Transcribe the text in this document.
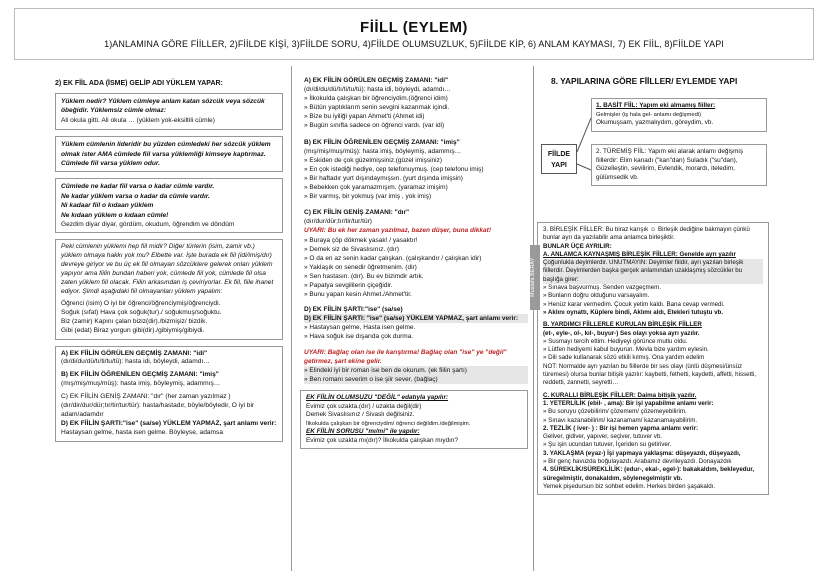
FİİLL (EYLEM)
1)ANLAMINA GÖRE FİİLLER, 2)FİİLDE KİŞİ, 3)FİİLDE SORU, 4)FİİLDE OLUMSUZLUK, 5)FİİLDE KİP, 6) ANLAM KAYMASI, 7) EK FİİL, 8)FİİLDE YAPI
Mustafa BERAY

2) EK FİİL ADA (İSME) GELİP ADI YÜKLEM YAPAR:

Yüklem nedir? Yüklem cümleye anlam katan sözcük veya sözcük öbeğidir. Yüklemsiz cümle olmaz:

Ali okula gitti. Ali okula … (yüklem yok-eksiltili cümle)

Yüklem cümlenin lideridir bu yüzden cümledeki her sözcük yüklem olmak ister AMA cümlede fiil varsa yüklemliği kimseye kaptırmaz. Cümlede fiil varsa yüklem odur.

Cümlede ne kadar fiil varsa o kadar cümle vardır.

Ne kadar yüklem varsa o kadar da cümle vardır.

Ni kadaar fiil o kıdaan yüklem

Ne kıdaan yüklem o kıdaan cümle!

Gezdim diyar diyar, gördüm, okudum, öğrendim ve döndüm

Peki cümlenin yüklemi hep fiil midir? Diğer türlerin (isim, zamir vb.) yüklem olmaya hakkı yok mu? Elbette var. İşte burada ek fiil (idi/imiş/dır) devreye giriyor ve bu üç ek fiil olmayan sözcüklere gelerek onları yüklem yapıyor ama fiilin bundan haberi yok, cümlede fiil yok, cümlede fiil olsa zaten yüklem fiil olacak. Fiilin arkasından iş çeviriyorlar. Ek fiil, fiile ihanet ediyor. Şimdi aşağıdaki fiil olmayanları yüklem yapalım:

Öğrenci (isim) O iyi bir öğrenci/öğrenciymiş/öğrenciydi.

Soğuk (sıfat) Hava çok soğuk(tur)./ soğukmuş/soğuktu.

Biz (zamir) Kapını çalan biziz(dir)./bizmişiz/ bizdik.

Gibi (edat) Biraz yorgun gibi(dir)./gibiymiş/gibiydi.

A) EK FİİLİN GÖRÜLEN GEÇMİŞ ZAMANI: "idi"

(dı/di/du/dü/tı/ti/tu/tü): hasta idi, böyleydi, adamdı…

B) EK FİİLİN ÖĞRENİLEN GEÇMİŞ ZAMANI: "imiş"

(mış/miş/muş/müş): hasta imiş, böyleymiş, adammış…

C) EK FİİLİN GENİŞ ZAMANI: "dır" (her zaman yazılmaz ) (dır/dir/dur/dür;tır/tir/tur/tür): hasta/hastadır, böyle/böyledir, O iyi bir adam/adamdır

D) EK FİİLİN ŞARTI:"ise" (sa/se) YÜKLEM YAPMAZ, şart anlamı verir:

Hastaysan gelme, hasta isen gelme. Böyleyse, adamsa

A) EK FİİLİN GÖRÜLEN GEÇMİŞ ZAMANI: "idi"

(dı/di/du/dü/tı/ti/tu/tü): hasta idi, böyleydi, adamdı…

» İlkokulda çalışkan bir öğrenciydim.(öğrenci idim)

» Bütün yaptıklarım senin sevgini kazanmak içindi.

» Bize bu iyiliği yapan Ahmet'ti (Ahmet idi)

» Bugün sınıfta sadece on öğrenci vardı. (var idi)

B) EK FİİLİN ÖĞRENİLEN GEÇMİŞ ZAMANI: "imiş"

(mış/miş/muş/müş): hasta imiş, böyleymiş, adammış…

» Eskiden de çok güzelmişsiniz.(güzel imişsiniz)

» En çok istediği hediye, cep telefonuymuş. (cep telefonu imiş)

» Bir haftadır yurt dışındaymışsın. (yurt dışında imişsin)

» Bebekken çok yaramazmışım. (yaramaz imişim)

» Bir varmış, bir yokmuş (var imiş , yok imiş)

C) EK FİİLİN GENİŞ ZAMANI: "dır"

(dır/dur/dür;tır/tir/tur/tür)

UYARI: Bu ek her zaman yazılmaz, bazen düşer, buna dikkat!

» Buraya çöp dökmek yasak! / yasaktır!

» Demek siz de Sivaslısınız. (dır)

» O da en az senin kadar çalışkan. (çalışkandır / çalışkan idir)

» Yaklaşık on senedir öğretmenim. (dir)

» Sen hastasın. (dır). Bu ev bizimdir artık.

» Papatya sevgililerin çiçeğidir.

» Bunu yapan kesin Ahmet./Ahmet'tir.

D) EK FİİLİN ŞARTI:"ise" (sa/se)

D) EK FİİLİN ŞARTI: "ise" (sa/se) YÜKLEM YAPMAZ, şart anlamı verir:

» Hastaysan gelme, Hasta isen gelme.

» Hava soğuk ise dışarıda çok durma.

UYARI: Bağlaç olan ise ile karıştırma! Bağlaç olan "ise" ye "değil" getirmez, şart ekine gelir.

» Elindeki iyi bir roman ise ben de okurum. (ek fiilin şartı)

» Ben romanı severim o ise şiir sever. (bağlaç)

EK FİİLİN OLUMSUZU "DEĞİL" edatıyla yapılır:

Evimiz çok uzakta.(dır) / uzakta değil(dir)

Demek Sivaslısınız / Sivaslı değilsiniz.

İlkokulda çalışkan bir öğrenciydim/ öğrenci değildim./değilmişim.

EK FİİLİN SORUSU "mı/mi" ile yapılır:

Evimiz çok uzakta mı(dır)? İlkokulda çalışkan mıydın?

8. YAPILARINA GÖRE FİİLLER/ EYLEMDE YAPI

FİİLDE YAPI

1. BASİT FİİL: Yapım eki almamış fiiller:

Gelmişler (iş hala gel- anlamı değişmedi)

Okumuşsam, yazmalıydım, göreydim, vb.

2. TÜREMİŞ FİİL: Yapım eki alarak anlamı değişmiş fiillerdir: Elim kanadı ("kan"dan) Suladık ("su"dan), Güzelleştin, sevilirim, Evlendik, morardı, iteledim, gülümsedik vb.

3. BİRLEŞİK FİİLLER: Bu biraz karışık ☺ Birleşik dediğine bakmayın çünkü bunlar ayrı da yazılabilir ama anlamca birleşiktir.

BUNLAR ÜÇE AYRILIR:

A. ANLAMCA KAYNAŞMIŞ BİRLEŞİK FİİLLER: Genelde ayrı yazılır

Çoğunlukla deyimlerdir. UNUTMAYIN: Deyimler fiildir, ayrı yazılan birleşik fiillerdir. Deyimlerden başka gerçek anlamından uzaklaşmış sözcükler bu başlığa girer:

» Sınava başvurmuş. Senden vazgeçmem.

» Bunların doğru olduğunu varsayalım.

» Henüz karar vermedim. Çocuk yetim kaldı. Bana cevap vermedi.

» Aklını oynattı, Küplere bindi, Aklımı aldı, Etekleri tutuştu vb.

B. YARDIMCI FİİLLERLE KURULAN BİRLEŞİK FİİLLER

(et-, eyle-, ol-, kıl-, buyur-) Ses olayı yoksa ayrı yazılır.

» Susmayı tercih ettim. Hediyeyi görünce mutlu oldu.

» Lütfen hediyemi kabul buyurun. Mevla bize yardım eylesin.

» Dili sade kullanarak sözü etkili kılmış. Ona yardım edelim

NOT: Normalde ayrı yazılan bu fiillerde bir ses olayı (ünlü düşmesi/ünsüz türemesi) olursa bunlar bitişik yazılır: kaybetti, fethetti, kaydetti, affetti, hissetti, reddetti, zannetti, seyretti…

C. KURALLI BİRLEŞİK FİİLLER: Daima bitişik yazılır.

1. YETERLİLİK (ebil- , ama): Bir işi yapabilme anlamı verir:

» Bu soruyu çözebilirim/ çözemem/ çözemeyebilirim.

» Sınavı kazanabilirim/ kazanamam/ kazanamayabilirim.

2. TEZLİK ( iver- ) : Bir işi hemen yapma anlamı verir:

Geliver, gidiver, yapıver, seçiver, tutuver vb.

» Şu işin ucundan tutuver, İçeriden su getiriver.

3. YAKLAŞMA (eyaz-) İşi yapmaya yaklaşma: düşeyazdı, düşeyazdı,

» Bir genç havuzda boğulayazdı. Arabamız devrileyazdı. Donayazdık

4. SÜREKLİK/SÜREKLİLİK: (edur-, ekal-, egel-): bakakaldım, bekleyedur, süregelmiştir, donakaldım, söylenegelmiştir vb.

Yemek pişedursun biz sohbet edelim. Herkes birden şaşakaldı.
